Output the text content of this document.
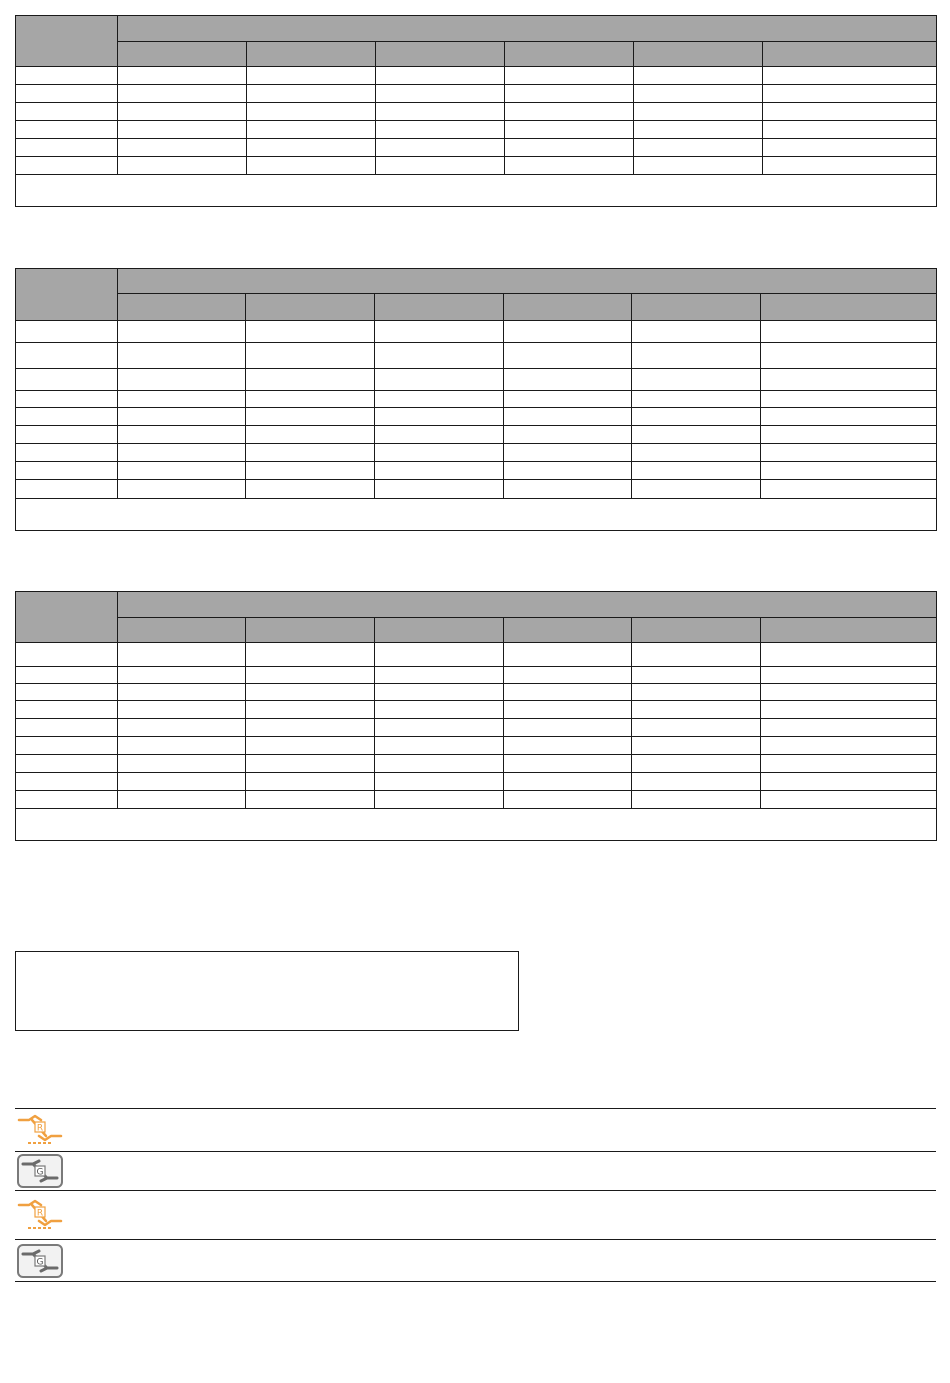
R
G
R
G
